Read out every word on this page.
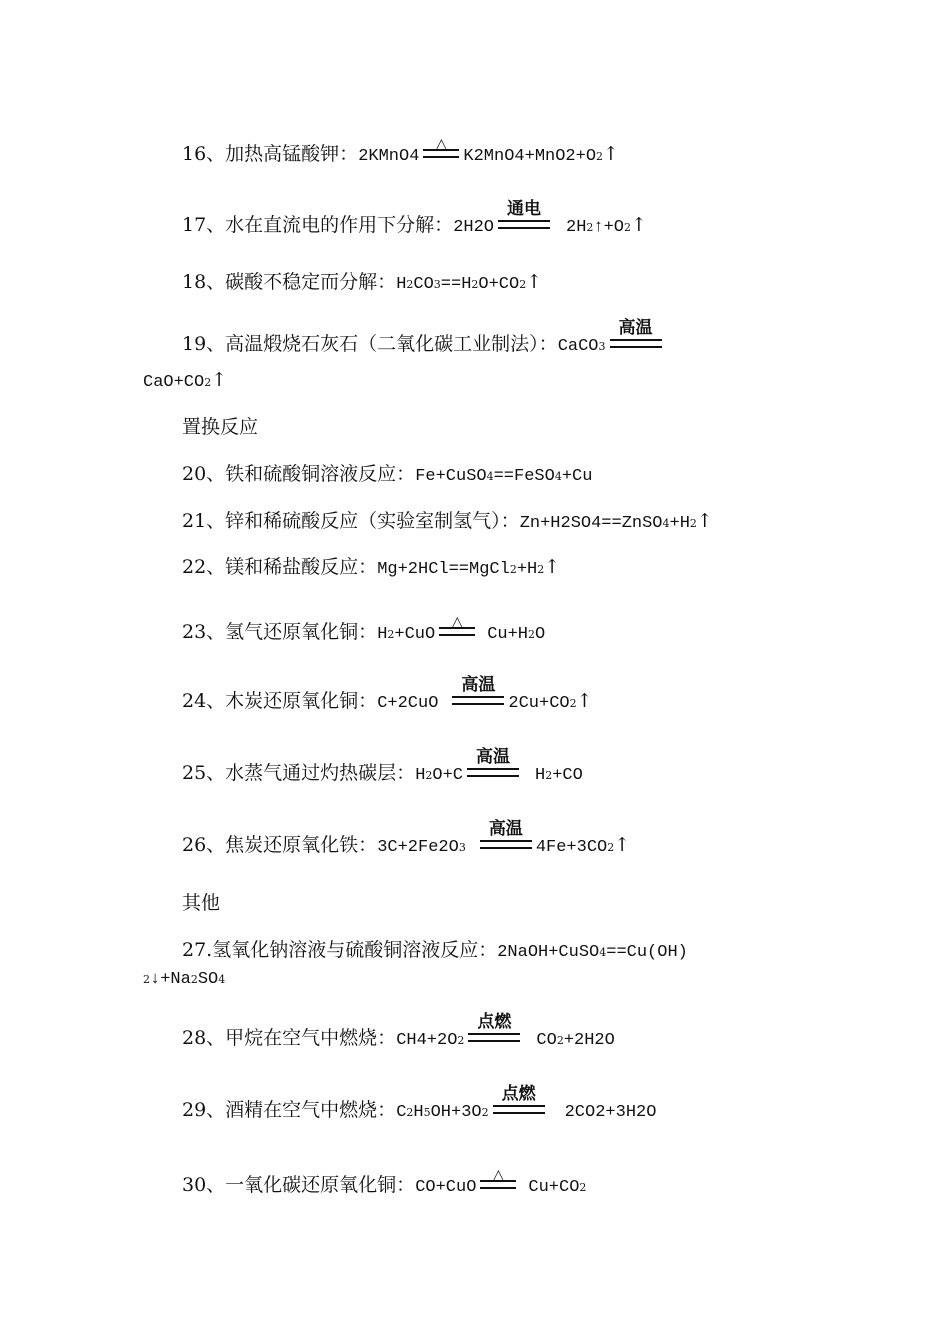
16、加热高锰酸钾：2KMnO4
△
K2MnO4+MnO2+O2↑
17、水在直流电的作用下分解：2H2O
通电
2H2↑+O2↑
18、碳酸不稳定而分解：H2CO3==H2O+CO2↑
19、高温煅烧石灰石（二氧化碳工业制法）：CaCO3
高温
CaO+CO2↑
置换反应
20、铁和硫酸铜溶液反应：Fe+CuSO4==FeSO4+Cu
21、锌和稀硫酸反应（实验室制氢气）：Zn+H2SO4==ZnSO4+H2↑
22、镁和稀盐酸反应：Mg+2HCl==MgCl2+H2↑
23、氢气还原氧化铜：H2+CuO
△
Cu+H2O
24、木炭还原氧化铜：C+2CuO
高温
2Cu+CO2↑
25、水蒸气通过灼热碳层：H2O+C
高温
H2+CO
26、焦炭还原氧化铁：3C+2Fe2O3
高温
4Fe+3CO2↑
其他
27.氢氧化钠溶液与硫酸铜溶液反应：2NaOH+CuSO4==Cu(OH)
2↓+Na2SO4
28、甲烷在空气中燃烧：CH4+2O2
点燃
CO2+2H2O
29、酒精在空气中燃烧：C2H5OH+3O2
点燃
2CO2+3H2O
30、一氧化碳还原氧化铜：CO+CuO
△
Cu+CO2
